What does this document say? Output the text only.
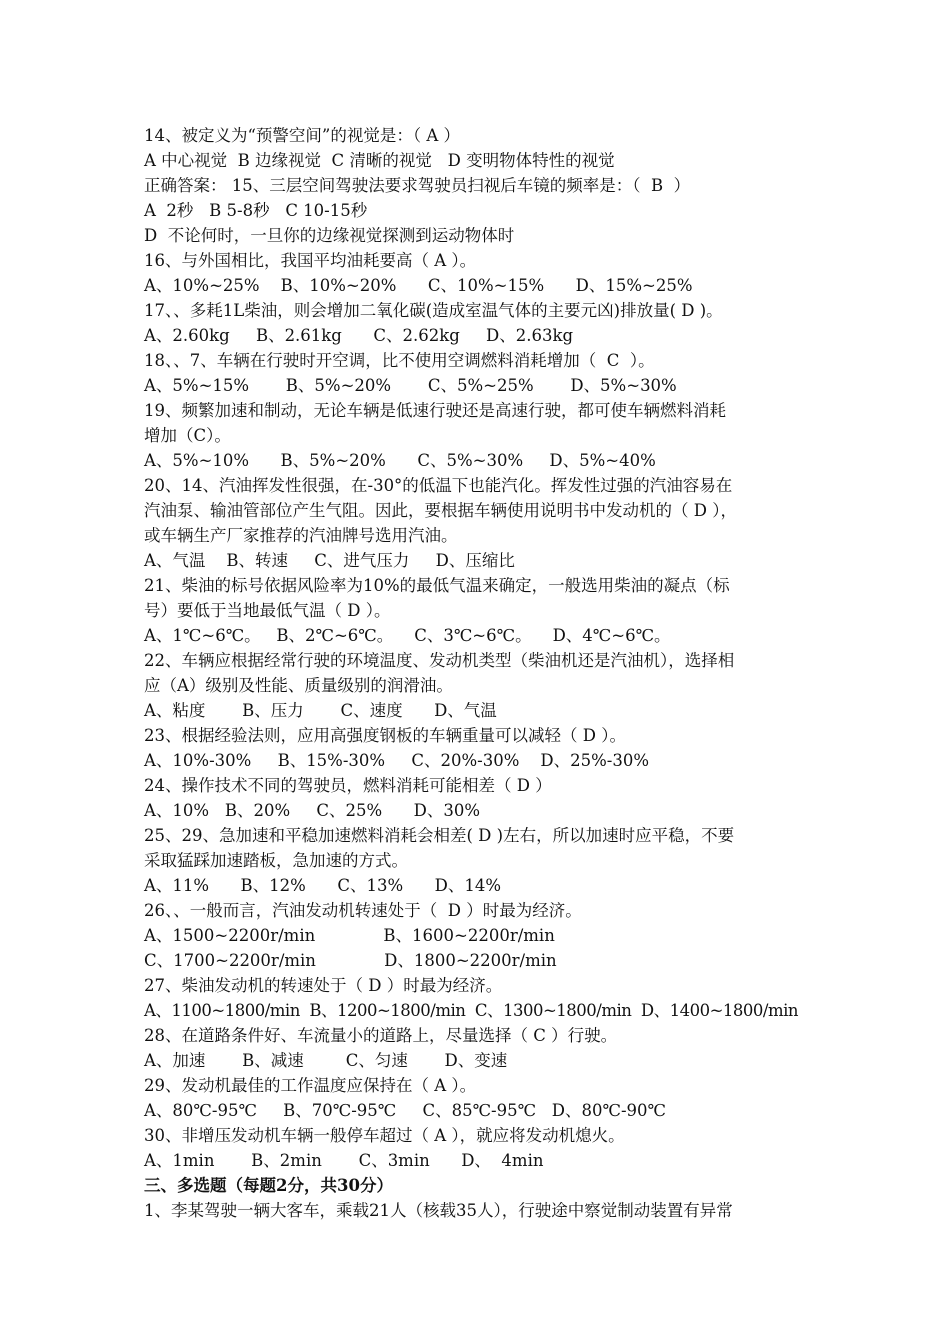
14、被定义为“预警空间”的视觉是：（ A ）
A 中心视觉  B 边缘视觉  C 清晰的视觉   D 变明物体特性的视觉
正确答案： 15、三层空间驾驶法要求驾驶员扫视后车镜的频率是：（  B  ）
A  2秒   B 5-8秒   C 10-15秒
D  不论何时，一旦你的边缘视觉探测到运动物体时
16、与外国相比，我国平均油耗要高（ A ）。
A、10%~25%    B、10%~20%      C、10%~15%      D、15%~25%
17、、多耗1L柴油，则会增加二氧化碳(造成室温气体的主要元凶)排放量( D )。
A、2.60kg     B、2.61kg      C、2.62kg     D、2.63kg
18、、7、车辆在行驶时开空调，比不使用空调燃料消耗增加（  C  ）。
A、5%~15%       B、5%~20%       C、5%~25%       D、5%~30%
19、频繁加速和制动，无论车辆是低速行驶还是高速行驶，都可使车辆燃料消耗
增加（C）。
A、5%~10%      B、5%~20%      C、5%~30%     D、5%~40%
20、14、汽油挥发性很强，在-30°的低温下也能汽化。挥发性过强的汽油容易在
汽油泵、输油管部位产生气阻。因此，要根据车辆使用说明书中发动机的（ D ），
或车辆生产厂家推荐的汽油牌号选用汽油。
A、气温    B、转速     C、进气压力     D、压缩比
21、柴油的标号依据风险率为10%的最低气温来确定，一般选用柴油的凝点（标
号）要低于当地最低气温（ D ）。
A、1℃~6℃。   B、2℃~6℃。    C、3℃~6℃。    D、4℃~6℃。
22、车辆应根据经常行驶的环境温度、发动机类型（柴油机还是汽油机），选择相
应（A）级别及性能、质量级别的润滑油。
A、粘度       B、压力       C、速度      D、气温
23、根据经验法则，应用高强度钢板的车辆重量可以减轻（ D ）。
A、10%-30%     B、15%-30%     C、20%-30%    D、25%-30%
24、操作技术不同的驾驶员，燃料消耗可能相差（ D ）
A、10%   B、20%     C、25%      D、30%
25、29、急加速和平稳加速燃料消耗会相差( D )左右，所以加速时应平稳，不要
采取猛踩加速踏板，急加速的方式。
A、11%      B、12%      C、13%      D、14%
26、、一般而言，汽油发动机转速处于（  D ）时最为经济。
A、1500~2200r/min             B、1600~2200r/min
C、1700~2200r/min             D、1800~2200r/min
27、柴油发动机的转速处于（ D ）时最为经济。
A、1100~1800/min  B、1200~1800/min  C、1300~1800/min  D、1400~1800/min
28、在道路条件好、车流量小的道路上，尽量选择（ C ）行驶。
A、加速       B、减速        C、匀速       D、变速
29、发动机最佳的工作温度应保持在（ A ）。
A、80℃-95℃     B、70℃-95℃     C、85℃-95℃   D、80℃-90℃
30、非增压发动机车辆一般停车超过（ A ），就应将发动机熄火。
A、1min       B、2min       C、3min      D、  4min
三、多选题（每题2分，共30分）
1、李某驾驶一辆大客车，乘载21人（核载35人），行驶途中察觉制动装置有异常
